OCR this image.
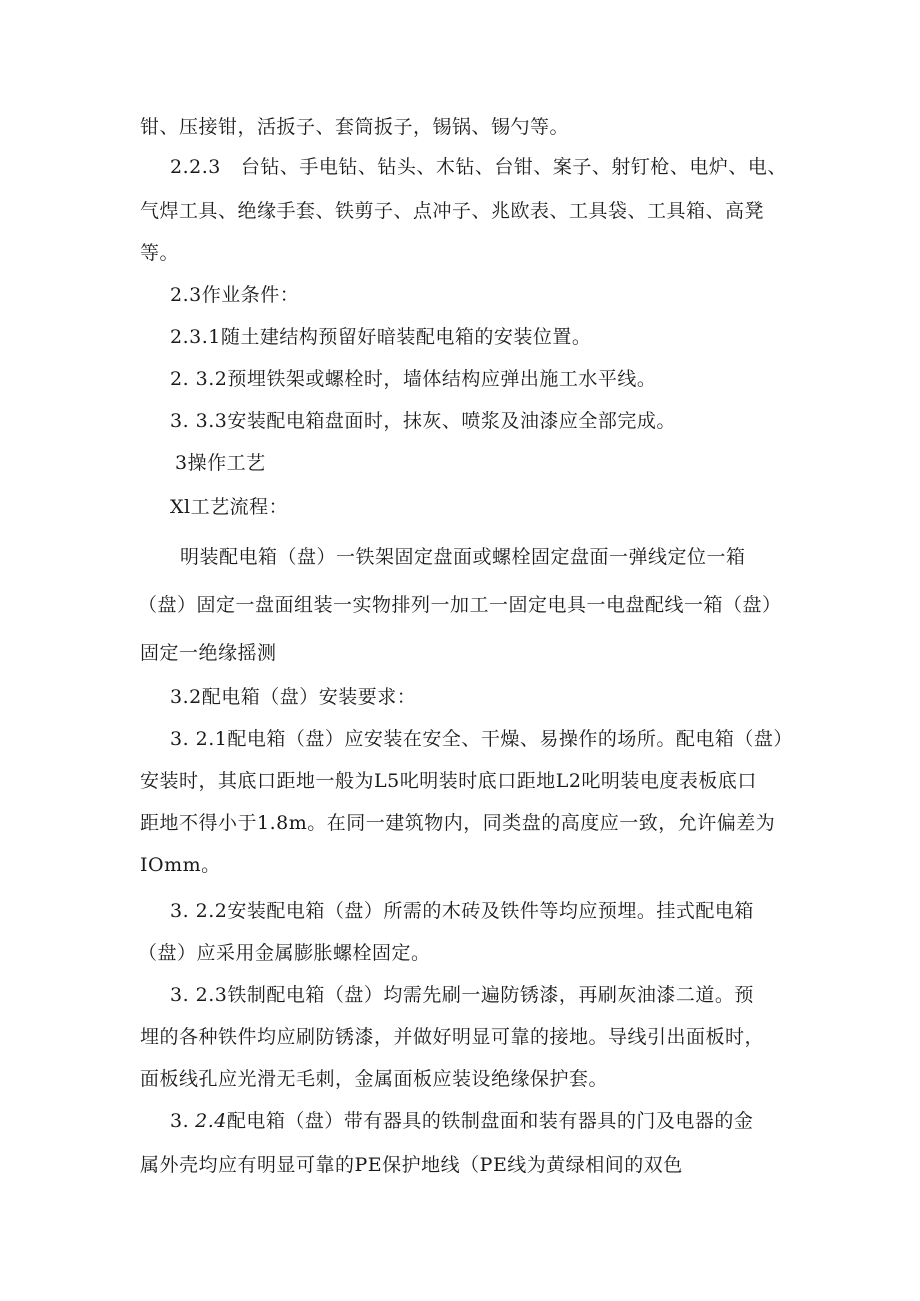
钳、压接钳，活扳子、套筒扳子，锡锅、锡勺等。
2.2.3 台钻、手电钻、钻头、木钻、台钳、案子、射钉枪、电炉、电、
气焊工具、绝缘手套、铁剪子、点冲子、兆欧表、工具袋、工具箱、高凳
等。
2.3作业条件：
2.3.1随土建结构预留好暗装配电箱的安装位置。
2. 3.2预埋铁架或螺栓时，墙体结构应弹出施工水平线。
3. 3.3安装配电箱盘面时，抹灰、喷浆及油漆应全部完成。
3操作工艺
Xl工艺流程：
明装配电箱（盘）一铁架固定盘面或螺栓固定盘面一弹线定位一箱
（盘）固定一盘面组装一实物排列一加工一固定电具一电盘配线一箱（盘）
固定一绝缘摇测
3.2配电箱（盘）安装要求：
3. 2.1配电箱（盘）应安装在安全、干燥、易操作的场所。配电箱（盘）
安装时，其底口距地一般为L5叱明装时底口距地L2叱明装电度表板底口
距地不得小于1.8m。在同一建筑物内，同类盘的高度应一致，允许偏差为
IOmm。
3. 2.2安装配电箱（盘）所需的木砖及铁件等均应预埋。挂式配电箱
（盘）应采用金属膨胀螺栓固定。
3. 2.3铁制配电箱（盘）均需先刷一遍防锈漆，再刷灰油漆二道。预
埋的各种铁件均应刷防锈漆，并做好明显可靠的接地。导线引出面板时，
面板线孔应光滑无毛刺，金属面板应装设绝缘保护套。
3. 2.4配电箱（盘）带有器具的铁制盘面和装有器具的门及电器的金
属外壳均应有明显可靠的PE保护地线（PE线为黄绿相间的双色
